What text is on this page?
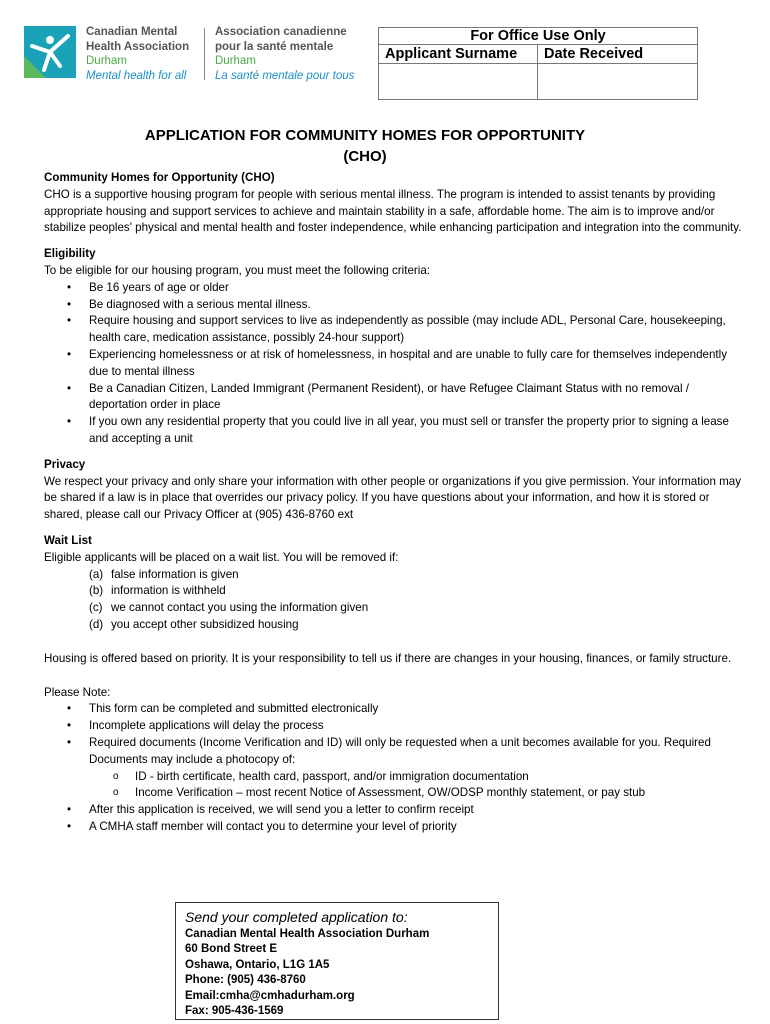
Canadian Mental
Health Association
Durham
Mental health for all
Association canadienne
pour la santé mentale
Durham
La santé mentale pour tous
For Office Use Only	
Applicant Surname	Date Received

APPLICATION FOR COMMUNITY HOMES FOR OPPORTUNITY
(CHO)

Community Homes for Opportunity (CHO)

CHO is a supportive housing program for people with serious mental illness. The program is intended to assist tenants by providing appropriate housing and support services to achieve and maintain stability in a safe, affordable home. The aim is to improve and/or stabilize peoples' physical and mental health and foster independence, while enhancing participation and integration into the community.

Eligibility

To be eligible for our housing program, you must meet the following criteria:

• Be 16 years of age or older
• Be diagnosed with a serious mental illness.
• Require housing and support services to live as independently as possible (may include ADL, Personal Care, housekeeping, health care, medication assistance, possibly 24-hour support)
• Experiencing homelessness or at risk of homelessness, in hospital and are unable to fully care for themselves independently due to mental illness
• Be a Canadian Citizen, Landed Immigrant (Permanent Resident), or have Refugee Claimant Status with no removal / deportation order in place
• If you own any residential property that you could live in all year, you must sell or transfer the property prior to signing a lease and accepting a unit

Privacy

We respect your privacy and only share your information with other people or organizations if you give permission. Your information may be shared if a law is in place that overrides our privacy policy. If you have questions about your information, and how it is stored or shared, please call our Privacy Officer at (905) 436-8760 ext

Wait List

Eligible applicants will be placed on a wait list. You will be removed if:

(a) false information is given
(b) information is withheld
(c) we cannot contact you using the information given
(d) you accept other subsidized housing

Housing is offered based on priority. It is your responsibility to tell us if there are changes in your housing, finances, or family structure.

Please Note:

• This form can be completed and submitted electronically
• Incomplete applications will delay the process
• Required documents (Income Verification and ID) will only be requested when a unit becomes available for you. Required Documents may include a photocopy of:
o ID - birth certificate, health card, passport, and/or immigration documentation
o Income Verification – most recent Notice of Assessment, OW/ODSP monthly statement, or pay stub
• After this application is received, we will send you a letter to confirm receipt
• A CMHA staff member will contact you to determine your level of priority
Send your completed application to:
Canadian Mental Health Association Durham
60 Bond Street E
Oshawa, Ontario, L1G 1A5
Phone: (905) 436-8760
Email:cmha@cmhadurham.org
Fax: 905-436-1569
